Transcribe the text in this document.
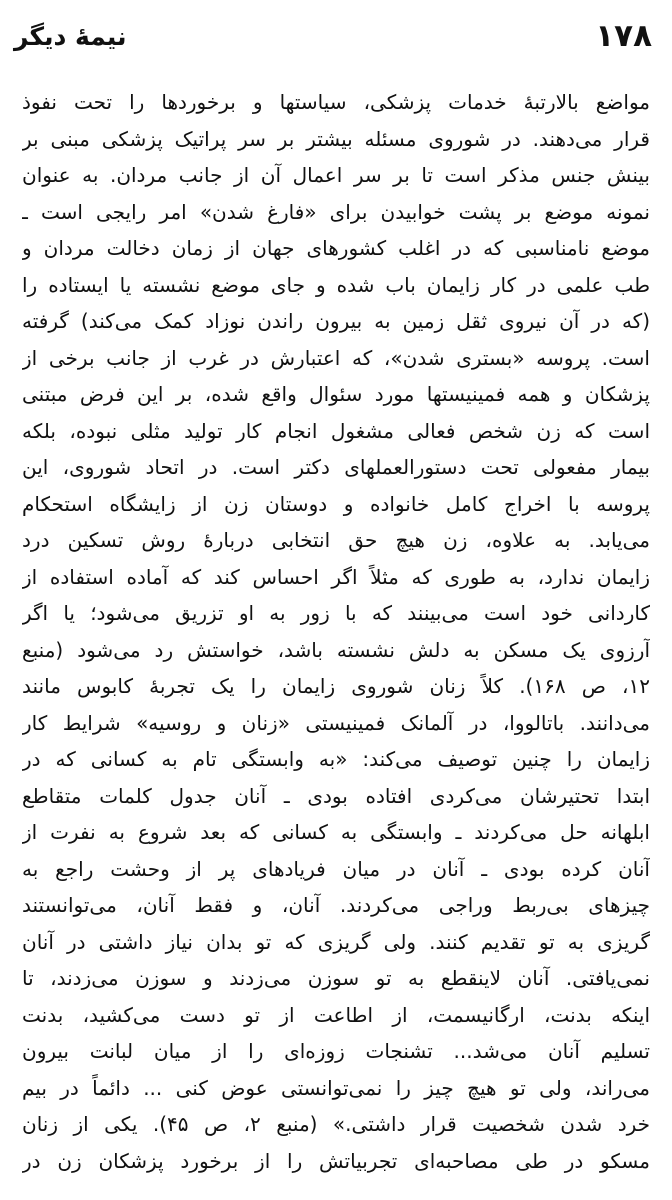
نیمهٔ دیگر	۱۷۸
مواضع بالارتبهٔ خدمات پزشکی، سیاستها و برخوردها را تحت نفوذ
قرار می‌دهند. در شوروی مسئله بیشتر بر سر پراتیک پزشکی مبنی بر
بینش جنس مذکر است تا بر سر اعمال آن از جانب مردان. به عنوان
نمونه موضع بر پشت خوابیدن برای «فارغ شدن» امر رایجی است ـ
موضع نامناسبی که در اغلب کشورهای جهان از زمان دخالت مردان و
طب علمی در کار زایمان باب شده و جای موضع نشسته یا ایستاده را
(که در آن نیروی ثقل زمین به بیرون راندن نوزاد کمک می‌کند) گرفته
است. پروسه «بستری شدن»، که اعتبارش در غرب از جانب برخی از
پزشکان و همه فمینیستها مورد سئوال واقع شده، بر این فرض مبتنی
است که زن شخص فعالی مشغول انجام کار تولید مثلی نبوده، بلکه
بیمار مفعولی تحت دستورالعملهای دکتر است. در اتحاد شوروی، این
پروسه با اخراج کامل خانواده و دوستان زن از زایشگاه استحکام
می‌یابد. به علاوه، زن هیچ حق انتخابی دربارهٔ روش تسکین درد
زایمان ندارد، به طوری که مثلاً اگر احساس کند که آماده استفاده از
کاردانی خود است می‌بینند که با زور به او تزریق می‌شود؛ یا اگر
آرزوی یک مسکن به دلش نشسته باشد، خواستش رد می‌شود (منبع
۱۲، ص ۱۶۸). کلاً زنان شوروی زایمان را یک تجربهٔ کابوس مانند
می‌دانند. باتالووا، در آلمانک فمینیستی «زنان و روسیه» شرایط کار
زایمان را چنین توصیف می‌کند: «به وابستگی تام به کسانی که در
ابتدا تحتیرشان می‌کردی افتاده بودی ـ آنان جدول کلمات متقاطع
ابلهانه حل می‌کردند ـ وابستگی به کسانی که بعد شروع به نفرت از
آنان کرده بودی ـ آنان در میان فریادهای پر از وحشت راجع به
چیزهای بی‌ربط وراجی می‌کردند. آنان، و فقط آنان، می‌توانستند
گریزی به تو تقدیم کنند. ولی گریزی که تو بدان نیاز داشتی در آنان
نمی‌یافتی. آنان لاینقطع به تو سوزن می‌زدند و سوزن می‌زدند، تا
اینکه بدنت، ارگانیسمت، از اطاعت از تو دست می‌کشید، بدنت
تسلیم آنان می‌شد... تشنجات زوزه‌ای را از میان لبانت بیرون
می‌راند، ولی تو هیچ چیز را نمی‌توانستی عوض کنی ... دائماً در بیم
خرد شدن شخصیت قرار داشتی.» (منبع ۲، ص ۴۵). یکی از زنان
مسکو در طی مصاحبه‌ای تجربیاتش را از برخورد پزشکان زن در
